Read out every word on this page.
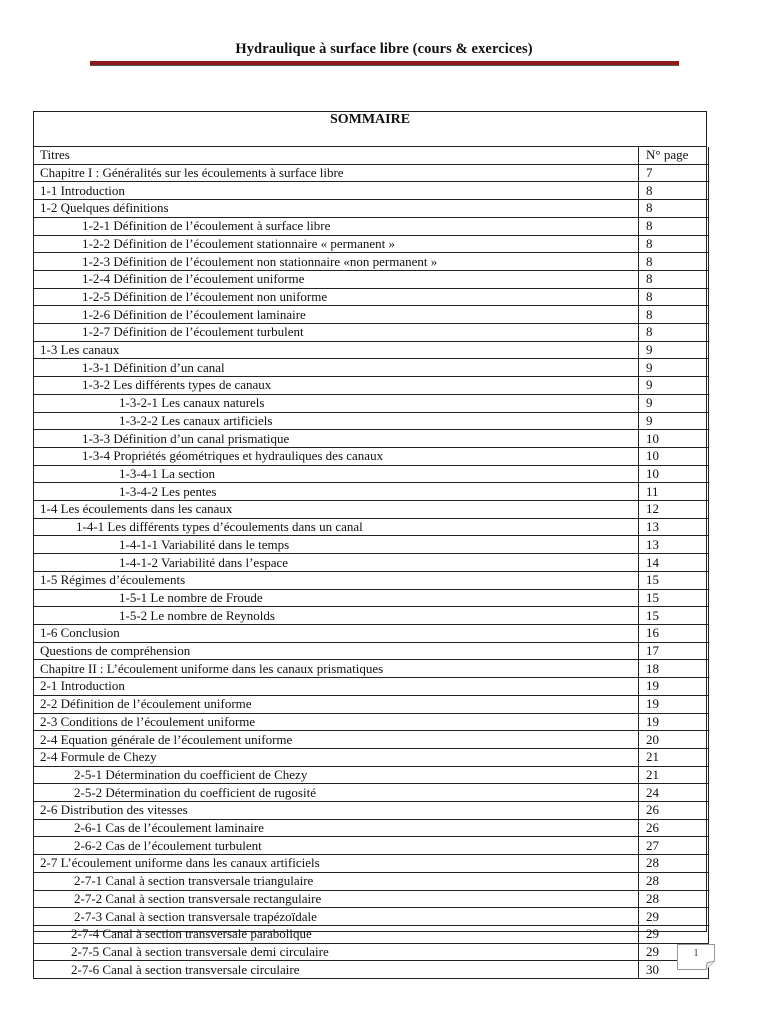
Hydraulique à surface libre (cours & exercices)
SOMMAIRE
Titres	N° page
Chapitre I : Généralités sur les écoulements à surface libre	7
1-1 Introduction	8
1-2 Quelques définitions	8
1-2-1 Définition de l’écoulement à surface libre	8
1-2-2 Définition de l’écoulement stationnaire « permanent »	8
1-2-3 Définition de l’écoulement non stationnaire «non permanent »	8
1-2-4 Définition de l’écoulement uniforme	8
1-2-5 Définition de l’écoulement non uniforme	8
1-2-6 Définition de l’écoulement laminaire	8
1-2-7 Définition de l’écoulement turbulent	8
1-3 Les canaux	9
1-3-1 Définition d’un canal	9
1-3-2 Les différents types de canaux	9
1-3-2-1 Les canaux naturels	9
1-3-2-2 Les canaux artificiels	9
1-3-3 Définition d’un canal prismatique	10
1-3-4 Propriétés géométriques et hydrauliques des canaux	10
1-3-4-1 La section	10
1-3-4-2 Les pentes	11
1-4 Les écoulements dans les canaux	12
1-4-1 Les différents types d’écoulements dans un canal	13
1-4-1-1 Variabilité dans le temps	13
1-4-1-2 Variabilité dans l’espace	14
1-5 Régimes d’écoulements	15
1-5-1 Le nombre de Froude	15
1-5-2 Le nombre de Reynolds	15
1-6 Conclusion	16
Questions de compréhension	17
Chapitre II : L’écoulement uniforme dans les canaux prismatiques	18
2-1 Introduction	19
2-2 Définition de l’écoulement uniforme	19
2-3 Conditions de l’écoulement uniforme	19
2-4 Equation générale de l’écoulement uniforme	20
2-4 Formule de Chezy	21
2-5-1 Détermination du coefficient de Chezy	21
2-5-2 Détermination du coefficient de rugosité	24
2-6 Distribution des vitesses	26
2-6-1 Cas de l’écoulement laminaire	26
2-6-2 Cas de l’écoulement turbulent	27
2-7 L’écoulement uniforme dans les canaux artificiels	28
2-7-1 Canal à section transversale triangulaire	28
2-7-2 Canal à section transversale rectangulaire	28
2-7-3 Canal à section transversale trapézoïdale	29
2-7-4 Canal à section transversale parabolique	29
2-7-5 Canal à section transversale demi circulaire	29
2-7-6 Canal à section transversale circulaire	30
1
